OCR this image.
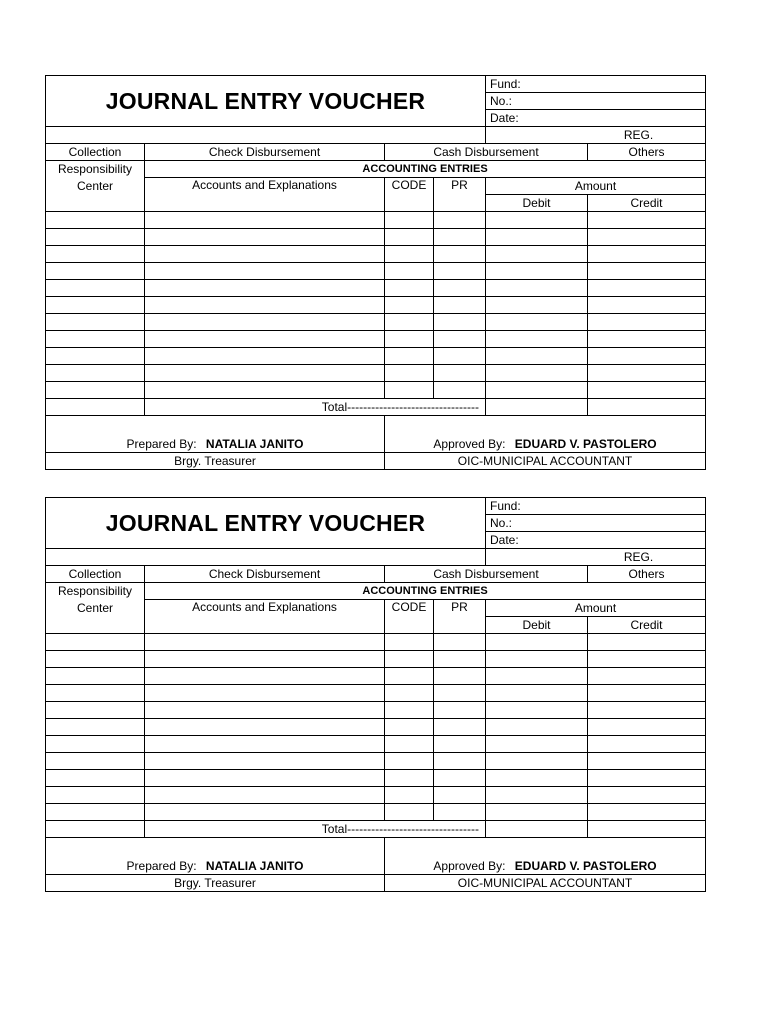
JOURNAL ENTRY VOUCHER				Fund:	
				No.:	
				Date:	
				REG.	
Collection	Check Disbursement	Cash Disbursement			Others
Responsibility Center	ACCOUNTING ENTRIES				
	Accounts and Explanations	CODE	PR	Amount	
				Debit	Credit

	Total---------------------------------				
Prepared By: NATALIA JANITO		Approved By: EDUARD V. PASTOLERO			
Brgy. Treasurer		OIC-MUNICIPAL ACCOUNTANT			
JOURNAL ENTRY VOUCHER				Fund:	
				No.:	
				Date:	
				REG.	
Collection	Check Disbursement	Cash Disbursement			Others
Responsibility Center	ACCOUNTING ENTRIES				
	Accounts and Explanations	CODE	PR	Amount	
				Debit	Credit

	Total---------------------------------				
Prepared By: NATALIA JANITO		Approved By: EDUARD V. PASTOLERO			
Brgy. Treasurer		OIC-MUNICIPAL ACCOUNTANT			
